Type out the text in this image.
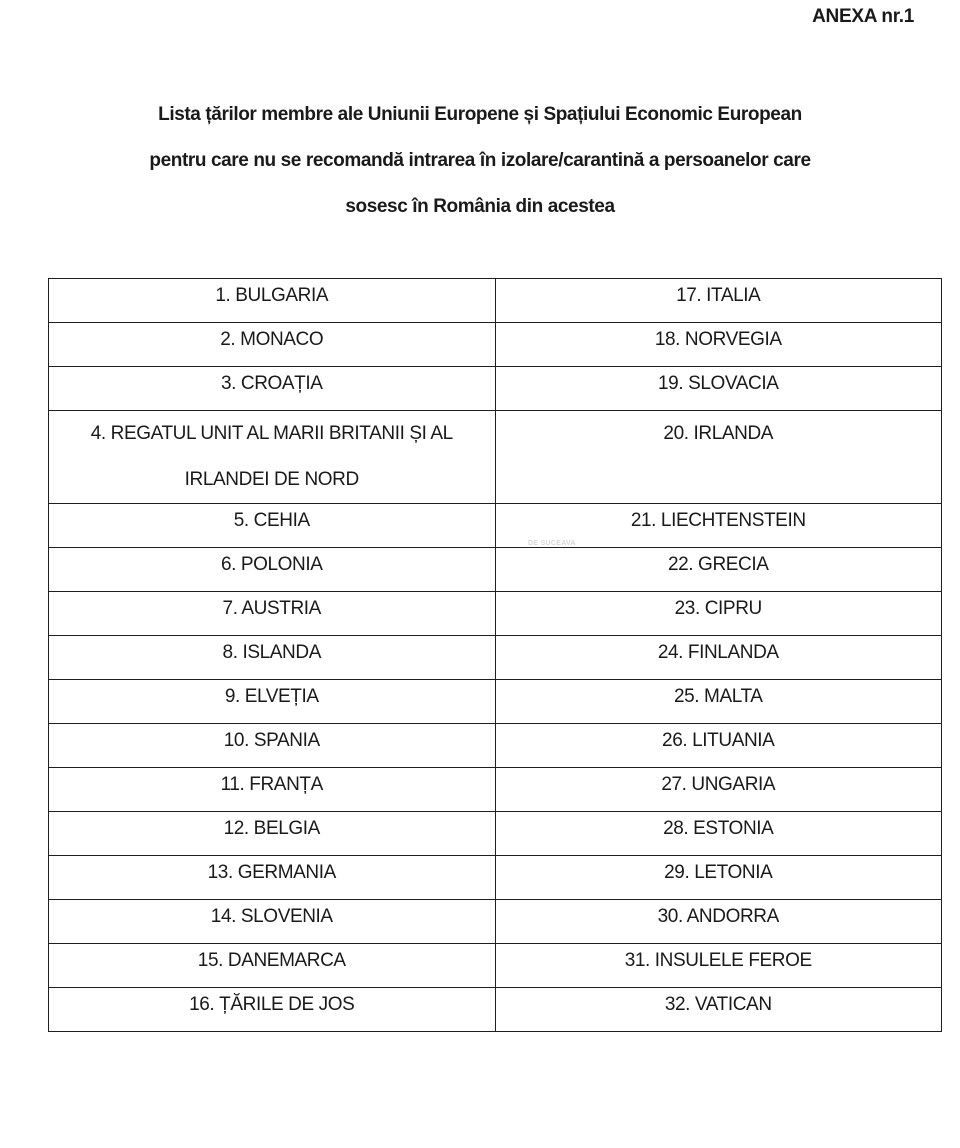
ANEXA nr.1
Lista țărilor membre ale Uniunii Europene și Spațiului Economic European
pentru care nu se recomandă intrarea în izolare/carantină a persoanelor care
sosesc în România din acestea
1. BULGARIA	17. ITALIA
2. MONACO	18. NORVEGIA
3. CROAȚIA	19. SLOVACIA

4. REGATUL UNIT AL MARII BRITANII ȘI AL
IRLANDEI DE NORD	20. IRLANDA

5. CEHIA	21. LIECHTENSTEIN
6. POLONIA	22. GRECIA
7. AUSTRIA	23. CIPRU
8. ISLANDA	24. FINLANDA
9. ELVEȚIA	25. MALTA
10. SPANIA	26. LITUANIA
11. FRANȚA	27. UNGARIA
12. BELGIA	28. ESTONIA
13. GERMANIA	29. LETONIA
14. SLOVENIA	30. ANDORRA
15. DANEMARCA	31. INSULELE FEROE
16. ȚĂRILE DE JOS	32. VATICAN
DE SUCEAVA
